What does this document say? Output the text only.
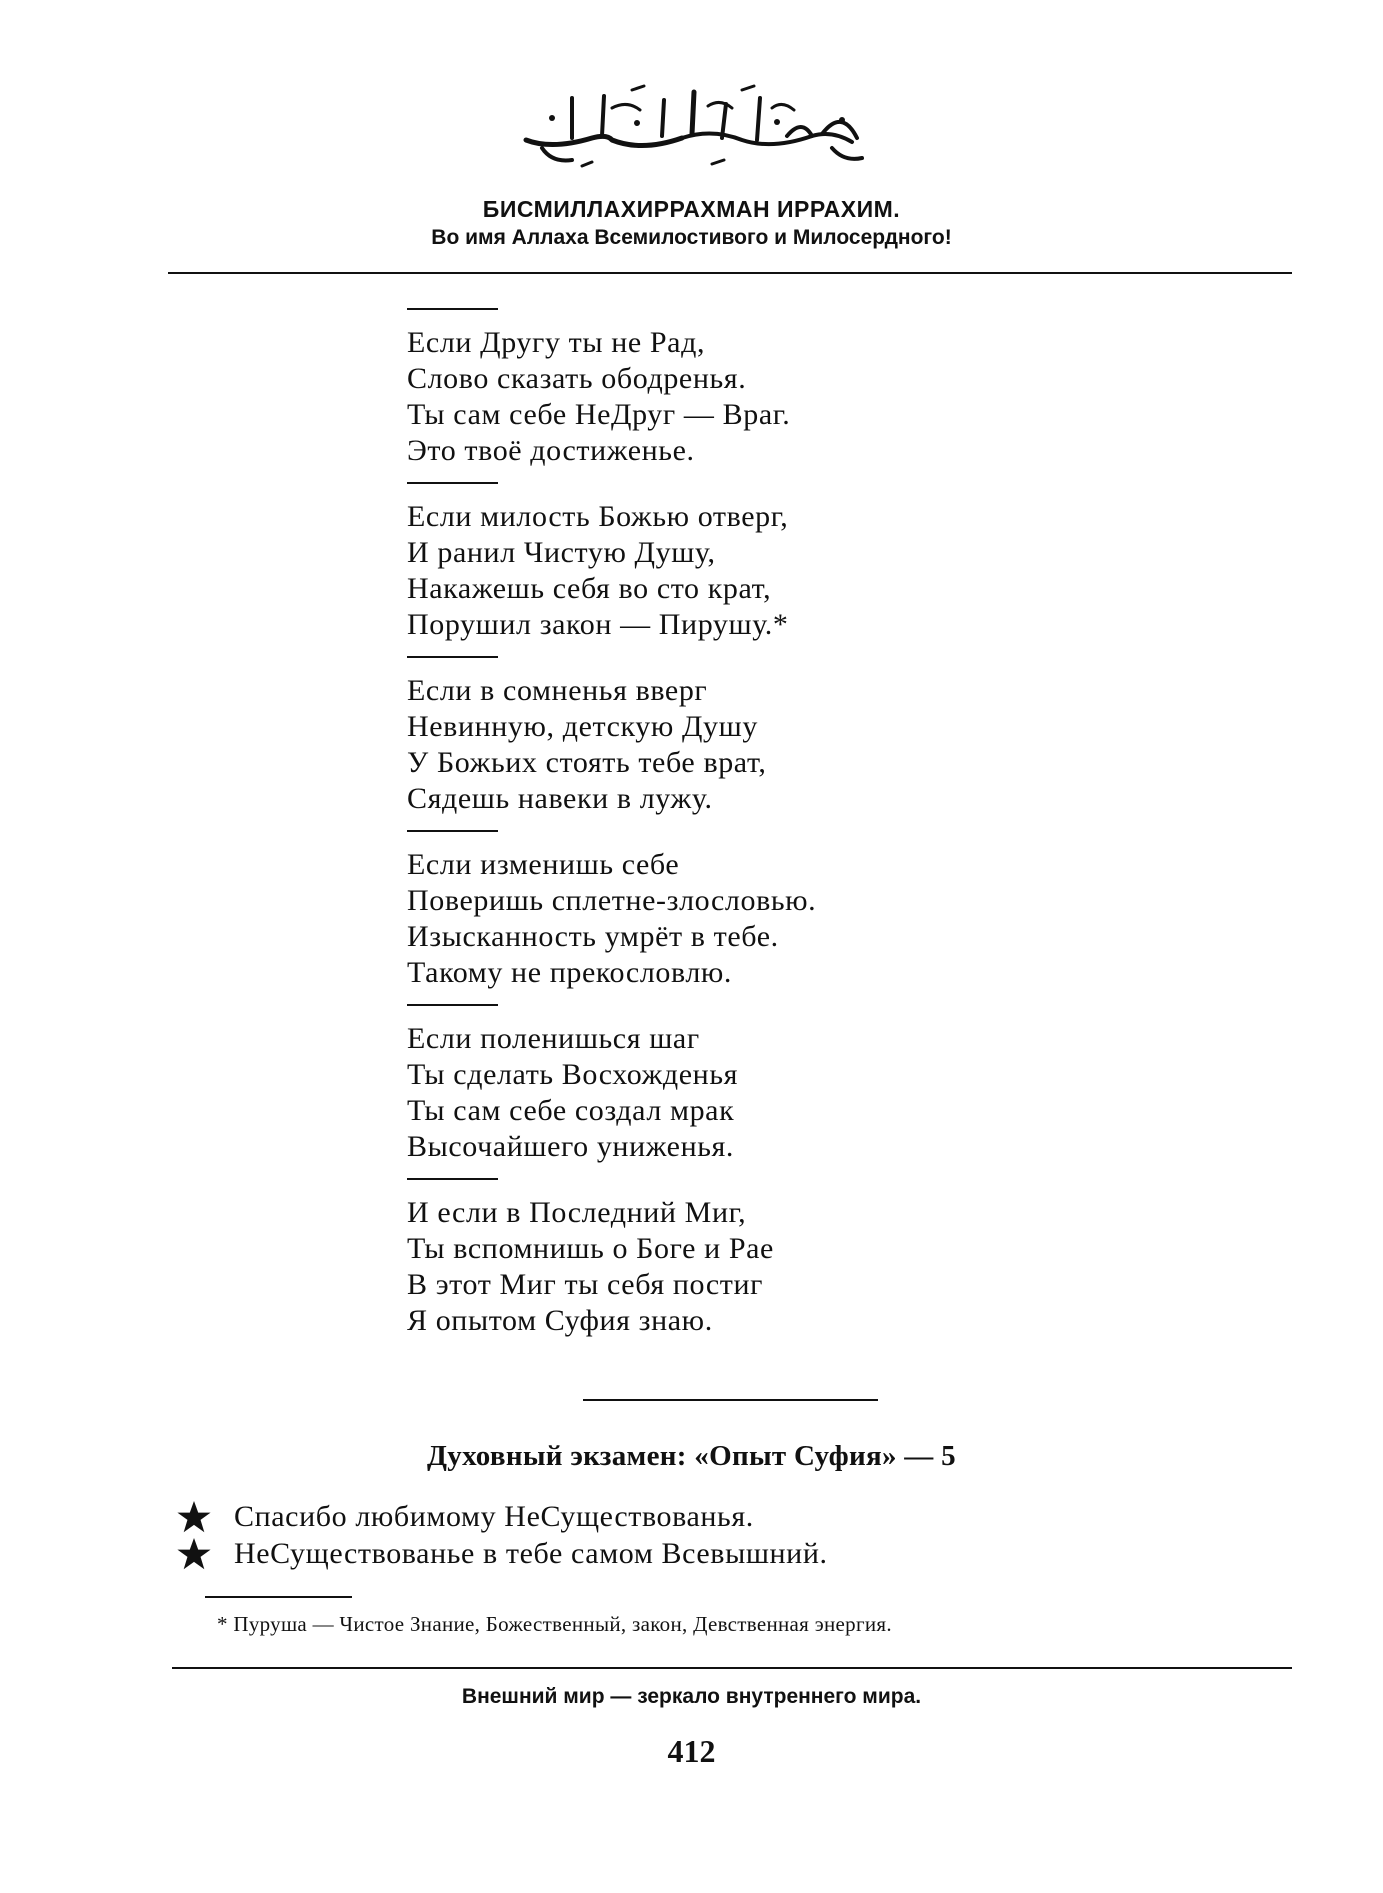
БИСМИЛЛАХИРРАХМАН ИРРАХИМ.
Во имя Аллаха Всемилостивого и Милосердного!
Если Другу ты не Рад,
Слово сказать ободренья.
Ты сам себе НеДруг — Враг.
Это твоё достиженье.
Если милость Божью отверг,
И ранил Чистую Душу,
Накажешь себя во сто крат,
Порушил закон — Пирушу.*
Если в сомненья вверг
Невинную, детскую Душу
У Божьих стоять тебе врат,
Сядешь навеки в лужу.
Если изменишь себе
Поверишь сплетне-злословью.
Изысканность умрёт в тебе.
Такому не прекословлю.
Если поленишься шаг
Ты сделать Восхожденья
Ты сам себе создал мрак
Высочайшего униженья.
И если в Последний Миг,
Ты вспомнишь о Боге и Рае
В этот Миг ты себя постиг
Я опытом Суфия знаю.
Духовный экзамен: «Опыт Суфия» — 5
Спасибо любимому НеСуществованья.
НеСуществованье в тебе самом Всевышний.
* Пуруша — Чистое Знание, Божественный, закон, Девственная энергия.
Внешний мир — зеркало внутреннего мира.
412
